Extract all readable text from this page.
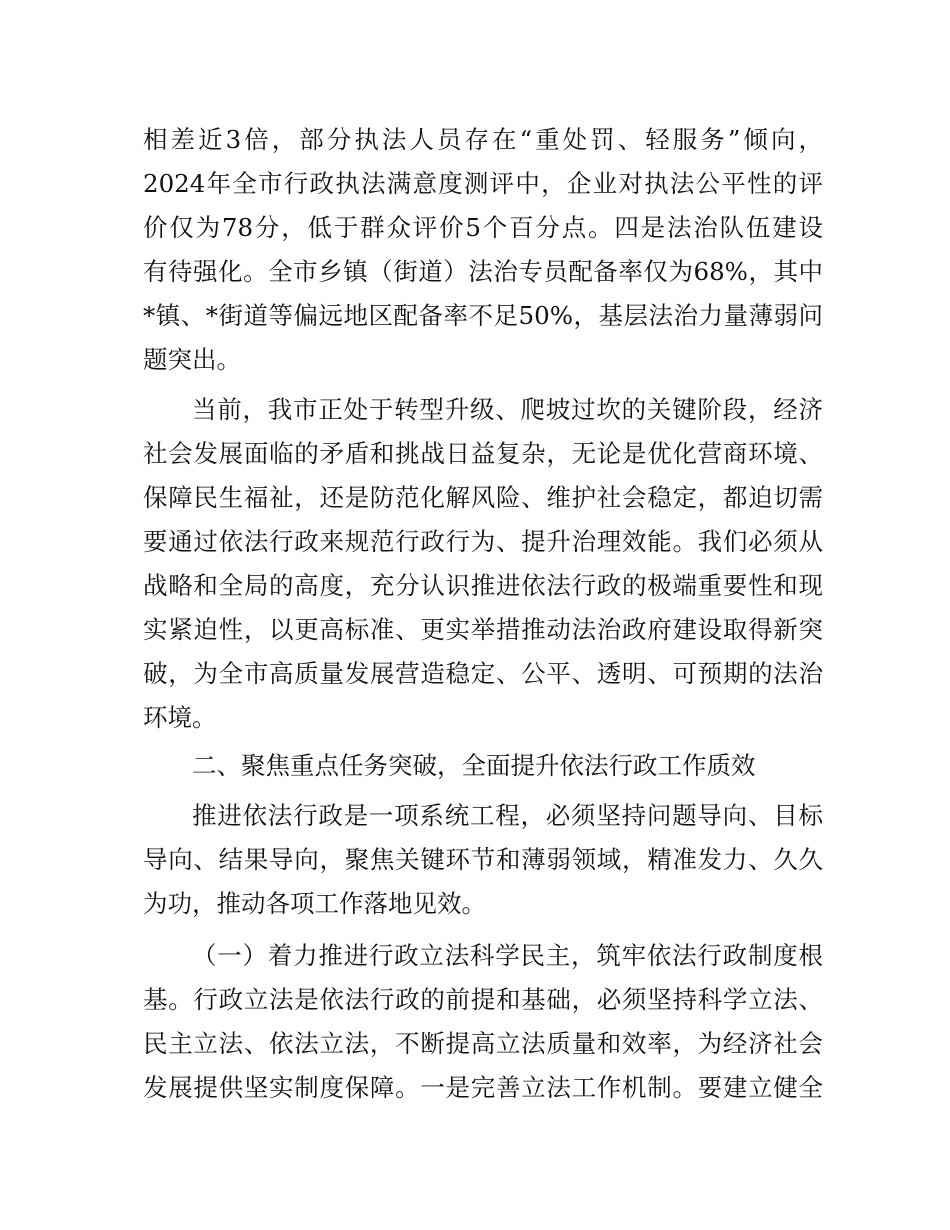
相差近3倍，部分执法人员存在“重处罚、轻服务”倾向，
2024年全市行政执法满意度测评中，企业对执法公平性的评
价仅为78分，低于群众评价5个百分点。四是法治队伍建设
有待强化。全市乡镇（街道）法治专员配备率仅为68%，其中
*镇、*街道等偏远地区配备率不足50%，基层法治力量薄弱问
题突出。
当前，我市正处于转型升级、爬坡过坎的关键阶段，经济
社会发展面临的矛盾和挑战日益复杂，无论是优化营商环境、
保障民生福祉，还是防范化解风险、维护社会稳定，都迫切需
要通过依法行政来规范行政行为、提升治理效能。我们必须从
战略和全局的高度，充分认识推进依法行政的极端重要性和现
实紧迫性，以更高标准、更实举措推动法治政府建设取得新突
破，为全市高质量发展营造稳定、公平、透明、可预期的法治
环境。
二、聚焦重点任务突破，全面提升依法行政工作质效
推进依法行政是一项系统工程，必须坚持问题导向、目标
导向、结果导向，聚焦关键环节和薄弱领域，精准发力、久久
为功，推动各项工作落地见效。
（一）着力推进行政立法科学民主，筑牢依法行政制度根
基。行政立法是依法行政的前提和基础，必须坚持科学立法、
民主立法、依法立法，不断提高立法质量和效率，为经济社会
发展提供坚实制度保障。一是完善立法工作机制。要建立健全
